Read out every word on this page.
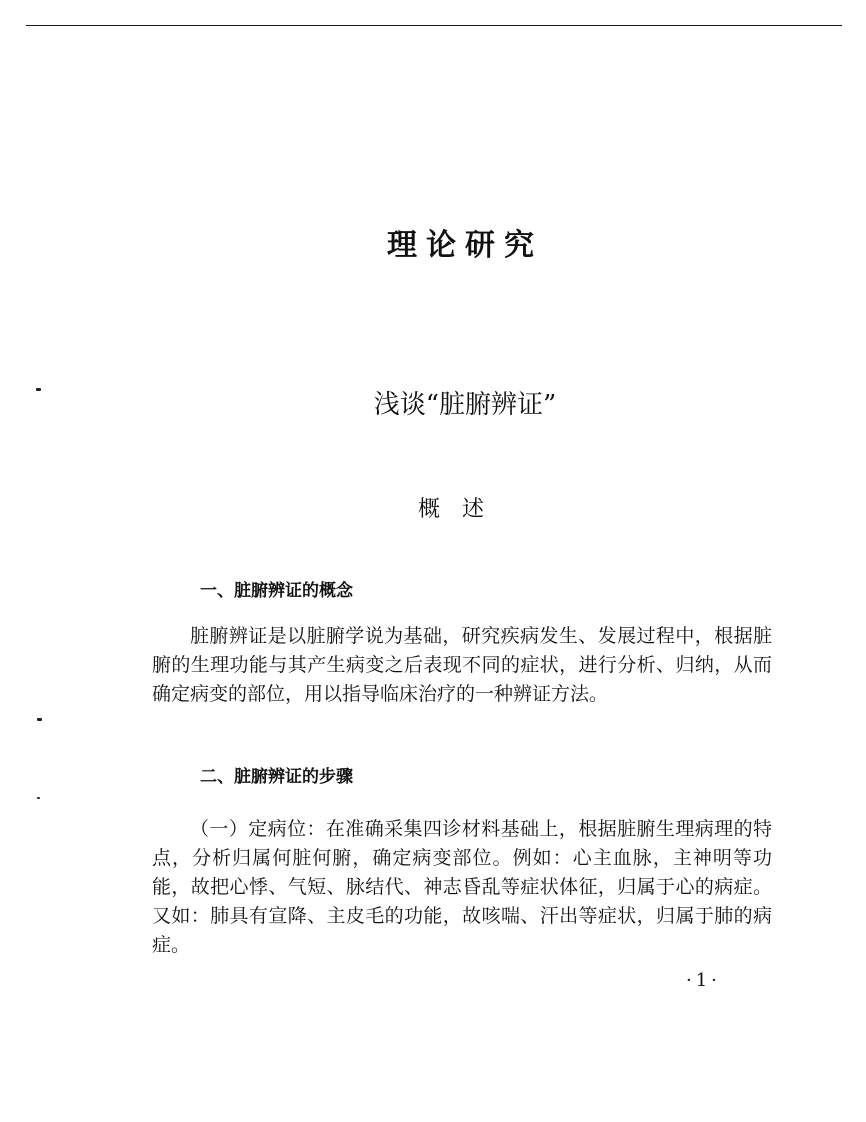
理论研究
浅谈“脏腑辨证”
概述
一、脏腑辨证的概念

脏腑辨证是以脏腑学说为基础，研究疾病发生、发展过程中，根据脏腑的生理功能与其产生病变之后表现不同的症状，进行分析、归纳，从而确定病变的部位，用以指导临床治疗的一种辨证方法。

二、脏腑辨证的步骤

（一）定病位：在准确采集四诊材料基础上，根据脏腑生理病理的特点，分析归属何脏何腑，确定病变部位。例如：心主血脉，主神明等功能，故把心悸、气短、脉结代、神志昏乱等症状体征，归属于心的病症。又如：肺具有宣降、主皮毛的功能，故咳喘、汗出等症状，归属于肺的病症。

·1·
